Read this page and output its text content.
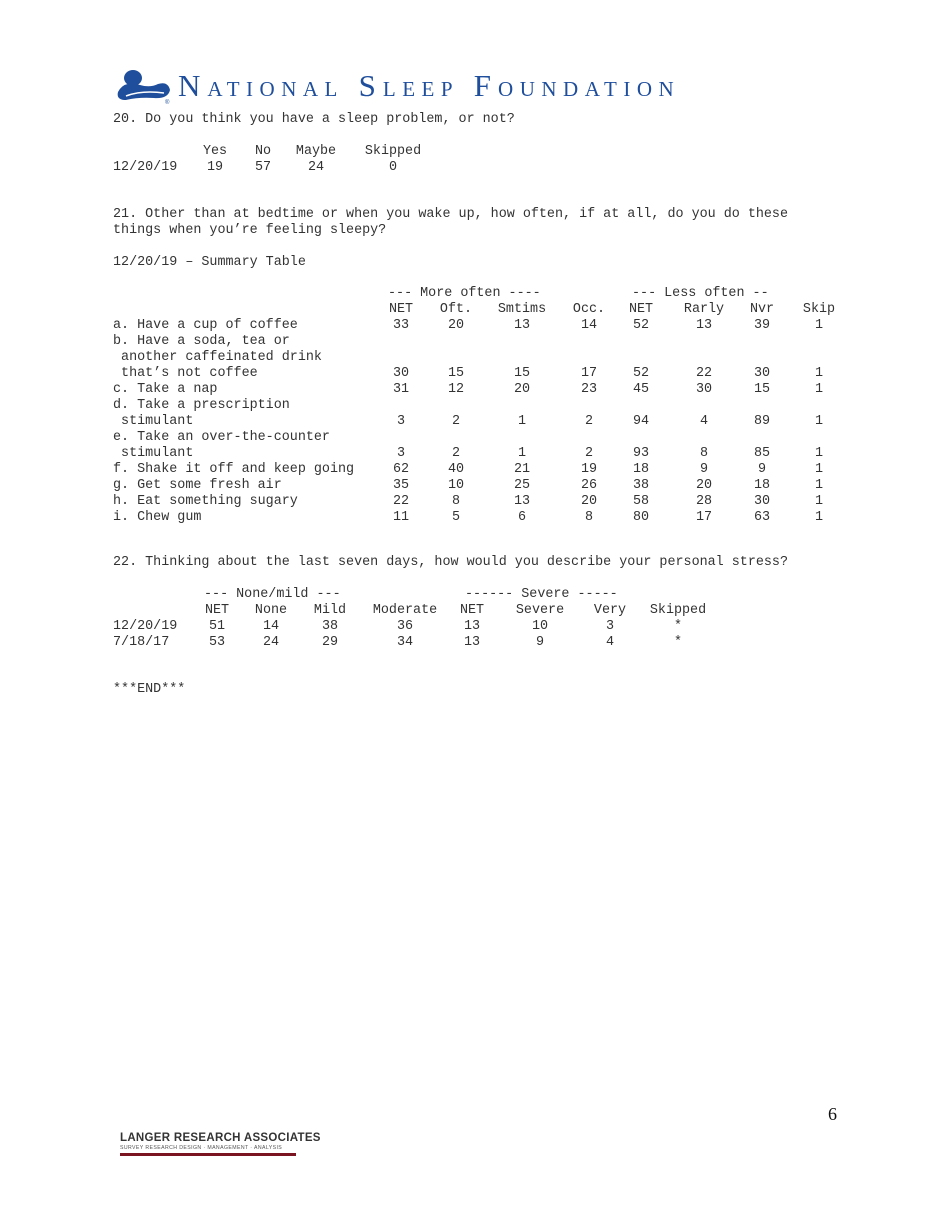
® NATIONAL SLEEP FOUNDATION
20. Do you think you have a sleep problem, or not?
Yes No Maybe Skipped
12/20/19 19 57	24	0
21. Other than at bedtime or when you wake up, how often, if at all, do you do these
things when you’re feeling sleepy?
12/20/19 – Summary Table
--- More often ----	--- Less often --
NET Oft. Smtims Occ. NET Rarly Nvr Skip
a. Have a cup of coffee	33	20	13	14	52	13	39	1
b. Have a soda, tea or
another caffeinated drink
that’s not coffee	30	15	15	17	52	22	30	1
c. Take a nap	31	12	20	23	45	30	15	1
d. Take a prescription
stimulant	3	2	1	2	94	4	89	1
e. Take an over-the-counter
stimulant	3	2	1	2	93	8	85	1
f. Shake it off and keep going	62	40	21	19	18	9	9	1
g. Get some fresh air	35	10	25	26	38	20	18	1
h. Eat something sugary	22	8	13	20	58	28	30	1
i. Chew gum	11	5	6	8	80	17	63	1
22. Thinking about the last seven days, how would you describe your personal stress?
--- None/mild ---	------ Severe -----
NET None Mild Moderate NET Severe Very Skipped
12/20/19 51	14	38	36	13	10	3	*
7/18/17	53	24	29	34	13	9	4	*
***END***
6
LANGER RESEARCH ASSOCIATES
SURVEY RESEARCH DESIGN · MANAGEMENT · ANALYSIS
